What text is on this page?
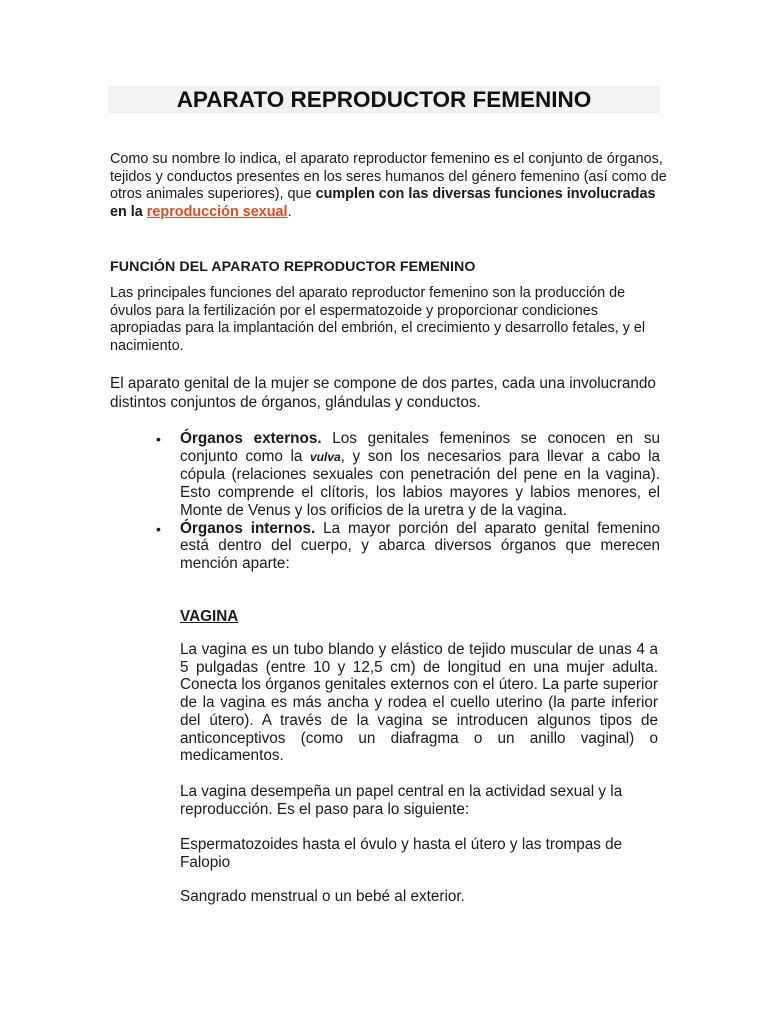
APARATO REPRODUCTOR FEMENINO

Como su nombre lo indica, el aparato reproductor femenino es el conjunto de órganos, tejidos y conductos presentes en los seres humanos del género femenino (así como de otros animales superiores), que cumplen con las diversas funciones involucradas en la reproducción sexual.

FUNCIÓN DEL APARATO REPRODUCTOR FEMENINO

Las principales funciones del aparato reproductor femenino son la producción de óvulos para la fertilización por el espermatozoide y proporcionar condiciones apropiadas para la implantación del embrión, el crecimiento y desarrollo fetales, y el nacimiento.

El aparato genital de la mujer se compone de dos partes, cada una involucrando distintos conjuntos de órganos, glándulas y conductos.

• Órganos externos. Los genitales femeninos se conocen en su conjunto como la vulva, y son los necesarios para llevar a cabo la cópula (relaciones sexuales con penetración del pene en la vagina). Esto comprende el clítoris, los labios mayores y labios menores, el Monte de Venus y los orificios de la uretra y de la vagina.
• Órganos internos. La mayor porción del aparato genital femenino está dentro del cuerpo, y abarca diversos órganos que merecen mención aparte:
VAGINA

La vagina es un tubo blando y elástico de tejido muscular de unas 4 a 5 pulgadas (entre 10 y 12,5 cm) de longitud en una mujer adulta. Conecta los órganos genitales externos con el útero. La parte superior de la vagina es más ancha y rodea el cuello uterino (la parte inferior del útero). A través de la vagina se introducen algunos tipos de anticonceptivos (como un diafragma o un anillo vaginal) o medicamentos.

La vagina desempeña un papel central en la actividad sexual y la reproducción. Es el paso para lo siguiente:

Espermatozoides hasta el óvulo y hasta el útero y las trompas de Falopio

Sangrado menstrual o un bebé al exterior.
